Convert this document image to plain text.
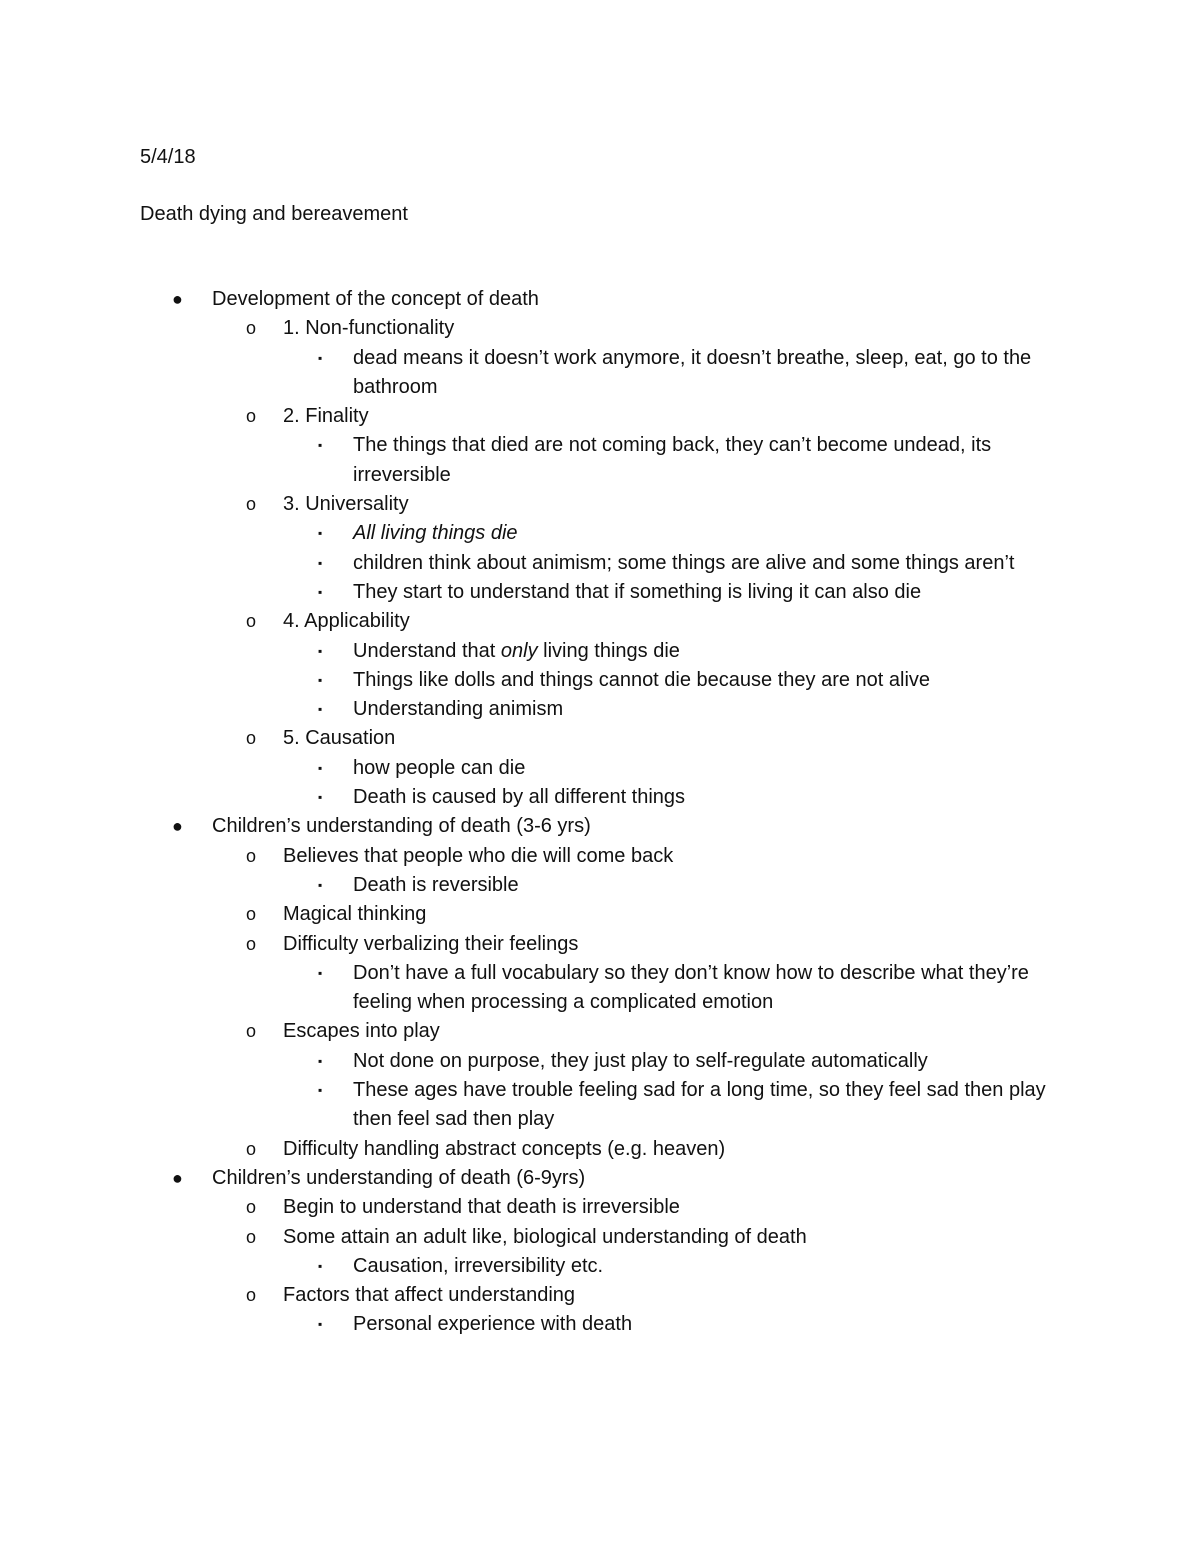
5/4/18
Death dying and bereavement
● Development of the concept of death
o 1. Non-functionality
▪ dead means it doesn’t work anymore, it doesn’t breathe, sleep, eat, go to the bathroom
o 2. Finality
▪ The things that died are not coming back, they can’t become undead, its irreversible
o 3. Universality
▪ All living things die
▪ children think about animism; some things are alive and some things aren’t
▪ They start to understand that if something is living it can also die
o 4. Applicability
▪ Understand that only living things die
▪ Things like dolls and things cannot die because they are not alive
▪ Understanding animism
o 5. Causation
▪ how people can die
▪ Death is caused by all different things
● Children’s understanding of death (3-6 yrs)
o Believes that people who die will come back
▪ Death is reversible
o Magical thinking
o Difficulty verbalizing their feelings
▪ Don’t have a full vocabulary so they don’t know how to describe what they’re feeling when processing a complicated emotion
o Escapes into play
▪ Not done on purpose, they just play to self-regulate automatically
▪ These ages have trouble feeling sad for a long time, so they feel sad then play then feel sad then play
o Difficulty handling abstract concepts (e.g. heaven)
● Children’s understanding of death (6-9yrs)
o Begin to understand that death is irreversible
o Some attain an adult like, biological understanding of death
▪ Causation, irreversibility etc.
o Factors that affect understanding
▪ Personal experience with death
